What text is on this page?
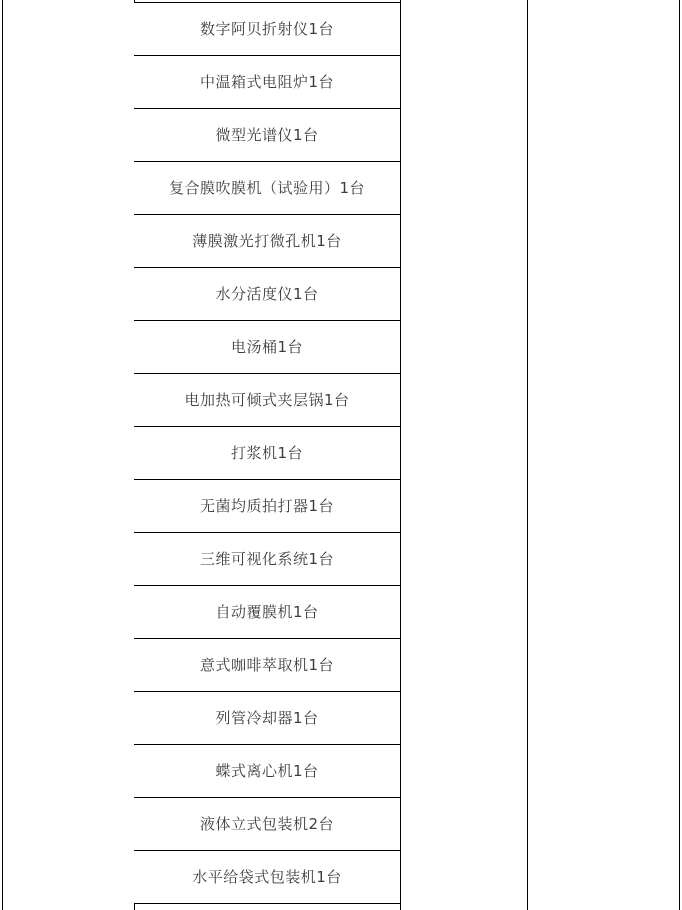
数字阿贝折射仪1台
中温箱式电阻炉1台
微型光谱仪1台
复合膜吹膜机（试验用）1台
薄膜激光打微孔机1台
水分活度仪1台
电汤桶1台
电加热可倾式夹层锅1台
打浆机1台
无菌均质拍打器1台
三维可视化系统1台
自动覆膜机1台
意式咖啡萃取机1台
列管冷却器1台
蝶式离心机1台
液体立式包装机2台
水平给袋式包装机1台
